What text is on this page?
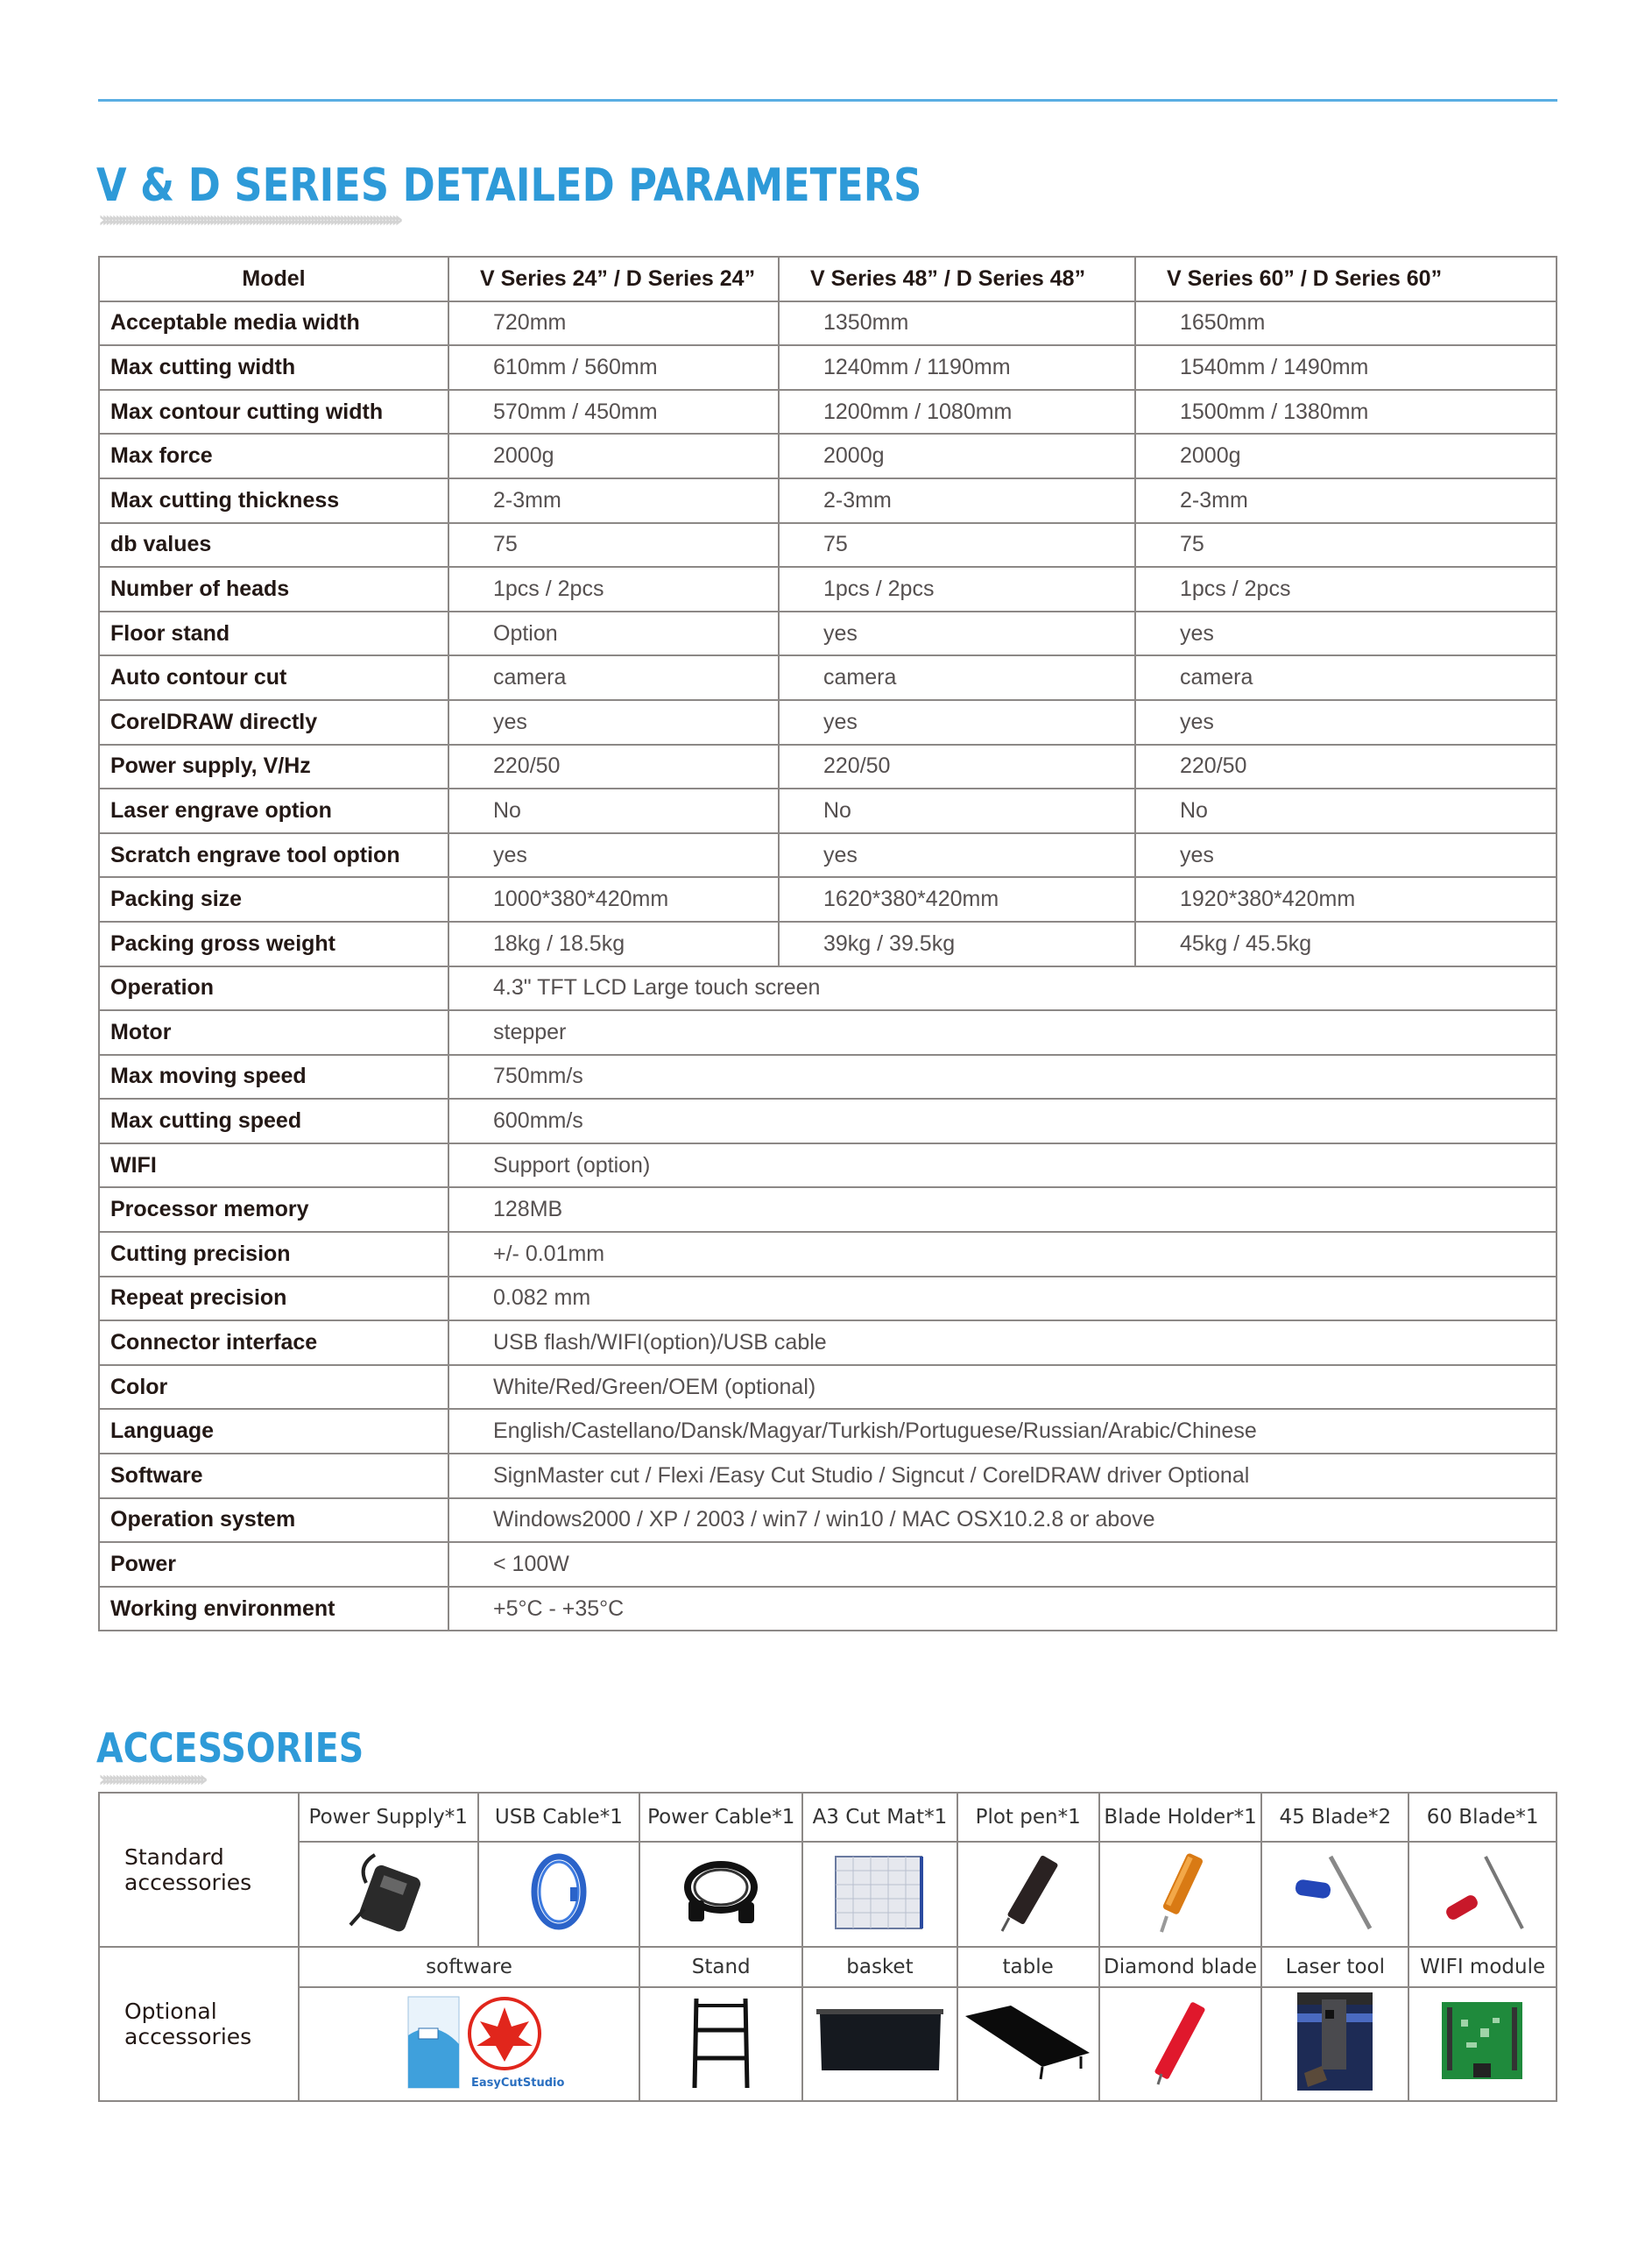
V & D SERIES DETAILED PARAMETERS
››››››››››››››››››››››››››››››››››››››››››››››››››››››››››››››››››››››››››››››››››››››››››››
Model	V Series 24” / D Series 24”	V Series 48” / D Series 48”	V Series 60” / D Series 60”
Acceptable media width	720mm	1350mm	1650mm
Max cutting width	610mm / 560mm	1240mm / 1190mm	1540mm / 1490mm
Max contour cutting width	570mm / 450mm	1200mm / 1080mm	1500mm / 1380mm
Max force	2000g	2000g	2000g
Max cutting thickness	2-3mm	2-3mm	2-3mm
db values	75	75	75
Number of heads	1pcs / 2pcs	1pcs / 2pcs	1pcs / 2pcs
Floor stand	Option	yes	yes
Auto contour cut	camera	camera	camera
CorelDRAW directly	yes	yes	yes
Power supply, V/Hz	220/50	220/50	220/50
Laser engrave option	No	No	No
Scratch engrave tool option	yes	yes	yes
Packing size	1000*380*420mm	1620*380*420mm	1920*380*420mm
Packing gross weight	18kg / 18.5kg	39kg / 39.5kg	45kg / 45.5kg
Operation	4.3" TFT LCD Large touch screen		
Motor	stepper		
Max moving speed	750mm/s		
Max cutting speed	600mm/s		
WIFI	Support (option)		
Processor memory	128MB		
Cutting precision	+/- 0.01mm		
Repeat precision	0.082 mm		
Connector interface	USB flash/WIFI(option)/USB cable		
Color	White/Red/Green/OEM (optional)		
Language	English/Castellano/Dansk/Magyar/Turkish/Portuguese/Russian/Arabic/Chinese		
Software	SignMaster cut / Flexi /Easy Cut Studio / Signcut / CorelDRAW driver Optional		
Operation system	Windows2000 / XP / 2003 / win7 / win10 / MAC OSX10.2.8 or above		
Power	< 100W		
Working environment	+5°C - +35°C		
ACCESSORIES
››››››››››››››››››››››››››››››››
Standard accessories	Power Supply*1	USB Cable*1	Power Cable*1	A3 Cut Mat*1	Plot pen*1	Blade Holder*1	45 Blade*2	60 Blade*1

Optional accessories	software		Stand	basket	table	Diamond blade	Laser tool	WIFI module

EasyCutStudio
